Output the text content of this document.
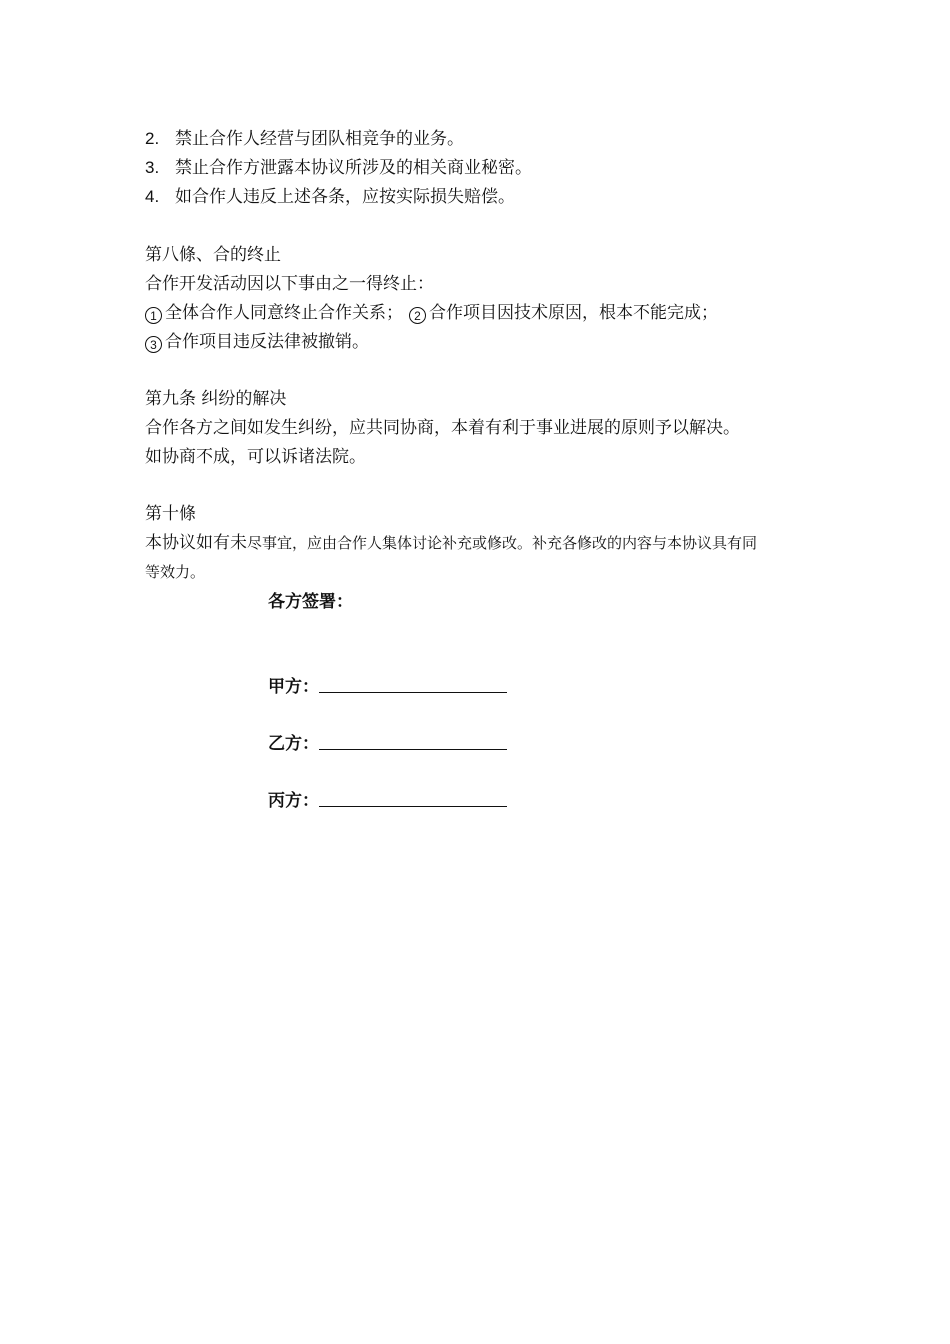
2. 禁止合作人经营与团队相竞争的业务。
3. 禁止合作方泄露本协议所涉及的相关商业秘密。
4. 如合作人违反上述各条，应按实际损失赔偿。
第八條、合的终止
合作开发活动因以下事由之一得终止：
1 全体合作人同意终止合作关系； 2 合作项目因技术原因，根本不能完成；
3 合作项目违反法律被撤销。
第九条 纠纷的解决
合作各方之间如发生纠纷，应共同协商，本着有利于事业进展的原则予以解决。
如协商不成，可以诉诸法院。
第十條
本协议如有未尽事宜，应由合作人集体讨论补充或修改。补充各修改的内容与本协议具有同
等效力。
各方签署：
甲方：
乙方：
丙方：
